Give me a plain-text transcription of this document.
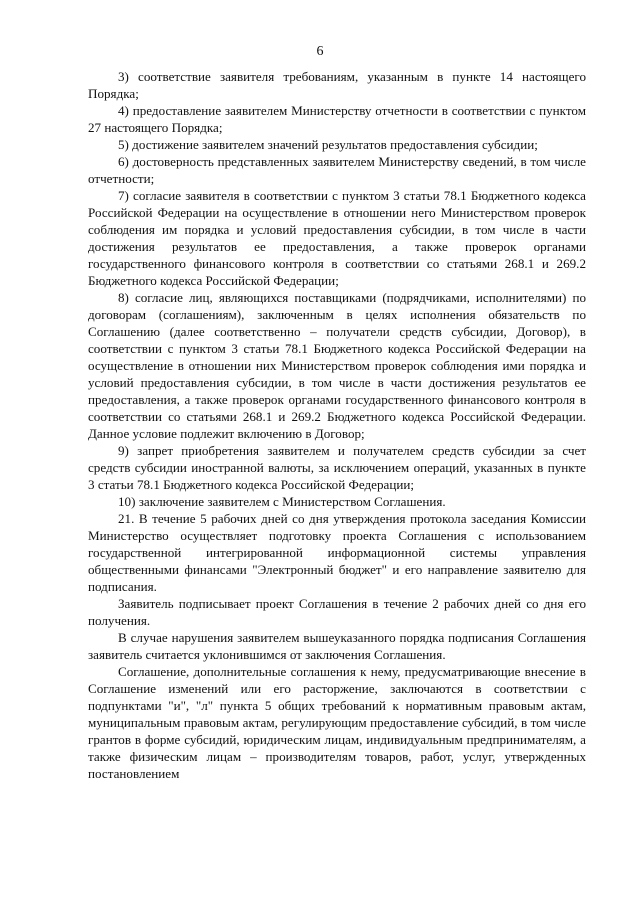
6

3) соответствие заявителя требованиям, указанным в пункте 14 настоящего Порядка;

4) предоставление заявителем Министерству отчетности в соответствии с пунктом 27 настоящего Порядка;

5) достижение заявителем значений результатов предоставления субсидии;

6) достоверность представленных заявителем Министерству сведений, в том числе отчетности;

7) согласие заявителя в соответствии с пунктом 3 статьи 78.1 Бюджетного кодекса Российской Федерации на осуществление в отношении него Министерством проверок соблюдения им порядка и условий предоставления субсидии, в том числе в части достижения результатов ее предоставления, а также проверок органами государственного финансового контроля в соответствии со статьями 268.1 и 269.2 Бюджетного кодекса Российской Федерации;

8) согласие лиц, являющихся поставщиками (подрядчиками, исполнителями) по договорам (соглашениям), заключенным в целях исполнения обязательств по Соглашению (далее соответственно – получатели средств субсидии, Договор), в соответствии с пунктом 3 статьи 78.1 Бюджетного кодекса Российской Федерации на осуществление в отношении них Министерством проверок соблюдения ими порядка и условий предоставления субсидии, в том числе в части достижения результатов ее предоставления, а также проверок органами государственного финансового контроля в соответствии со статьями 268.1 и 269.2 Бюджетного кодекса Российской Федерации. Данное условие подлежит включению в Договор;

9) запрет приобретения заявителем и получателем средств субсидии за счет средств субсидии иностранной валюты, за исключением операций, указанных в пункте 3 статьи 78.1 Бюджетного кодекса Российской Федерации;

10) заключение заявителем с Министерством Соглашения.

21. В течение 5 рабочих дней со дня утверждения протокола заседания Комиссии Министерство осуществляет подготовку проекта Соглашения с использованием государственной интегрированной информационной системы управления общественными финансами "Электронный бюджет" и его направление заявителю для подписания.

Заявитель подписывает проект Соглашения в течение 2 рабочих дней со дня его получения.

В случае нарушения заявителем вышеуказанного порядка подписания Соглашения заявитель считается уклонившимся от заключения Соглашения.

Соглашение, дополнительные соглашения к нему, предусматривающие внесение в Соглашение изменений или его расторжение, заключаются в соответствии с подпунктами "и", "л" пункта 5 общих требований к нормативным правовым актам, муниципальным правовым актам, регулирующим предоставление субсидий, в том числе грантов в форме субсидий, юридическим лицам, индивидуальным предпринимателям, а также физическим лицам – производителям товаров, работ, услуг, утвержденных постановлением
